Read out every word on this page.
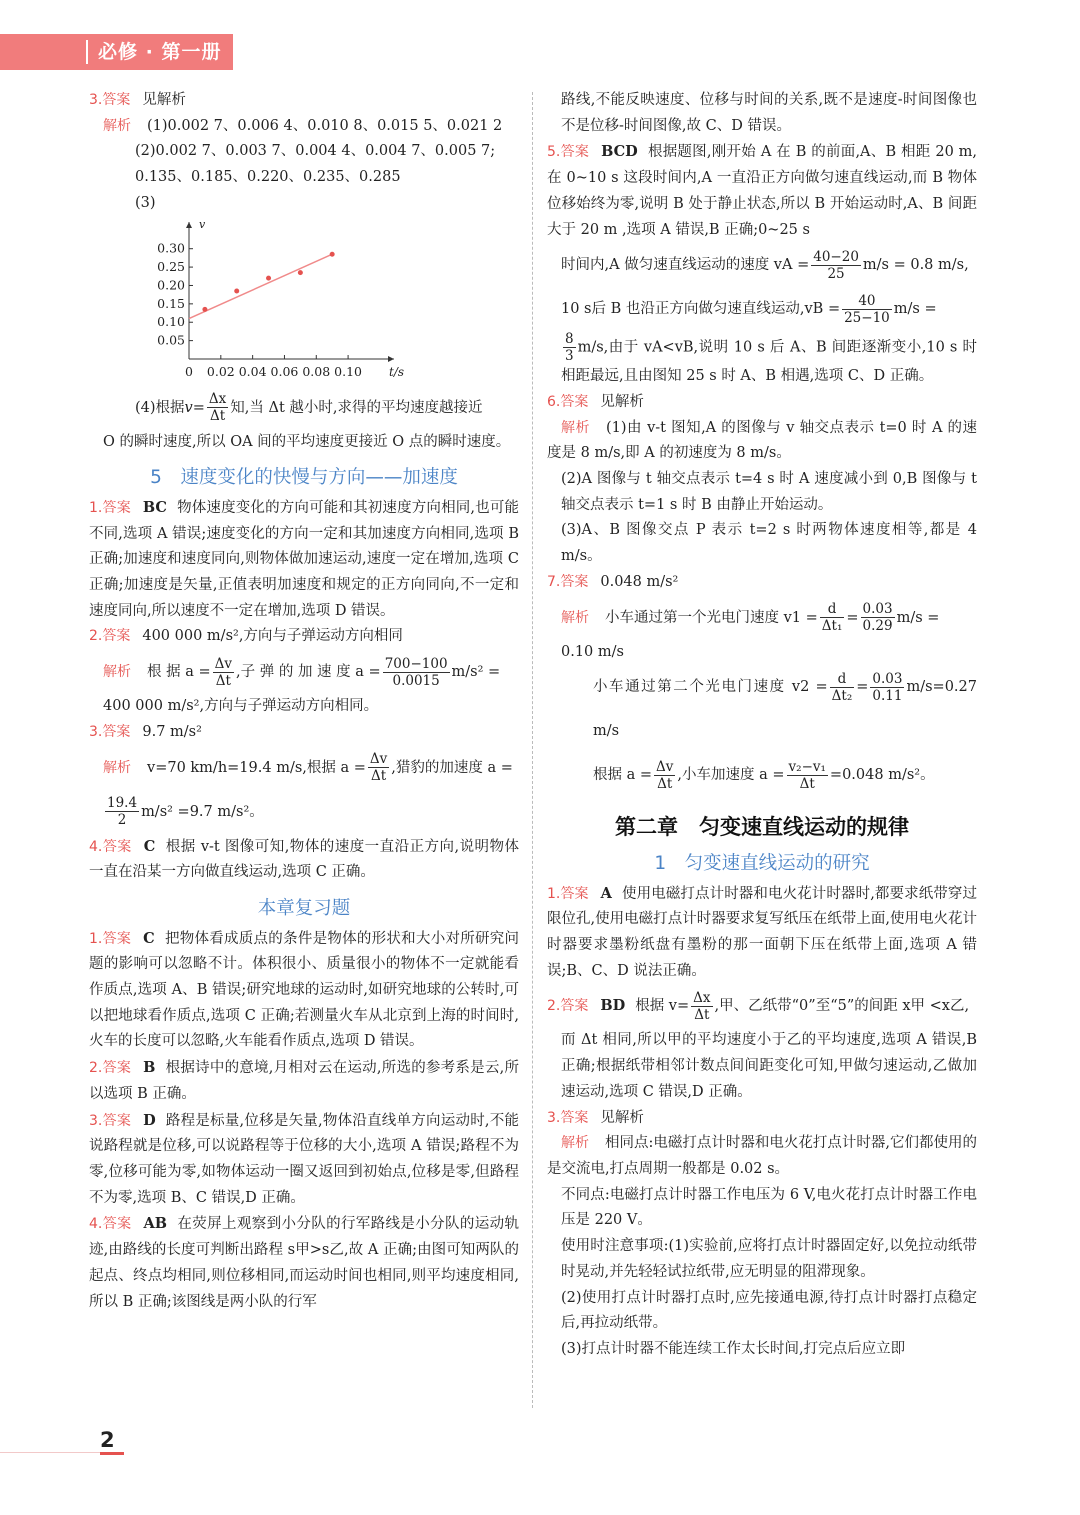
必修 · 第一册

3.答案 见解析

解析 (1)0.002 7、0.006 4、0.010 8、0.015 5、0.021 2

(2)0.002 7、0.003 7、0.004 4、0.004 7、0.005 7;

0.135、0.185、0.220、0.235、0.285

(3)

0.05
0.10
0.15
0.20
0.25
0.30
0 0.02 0.04 0.06 0.08 0.10
v
t/s

(4)根据$v= \frac{\Delta x}{\Delta t}$ 知,当 Δt 越小时,求得的平均速度越接近

O 的瞬时速度,所以 OA 间的平均速度更接近 O 点的瞬时速度。

5　速度变化的快慢与方向——加速度

1.答案 BC 物体速度变化的方向可能和其初速度方向相同,也可能不同,选项 A 错误;速度变化的方向一定和其加速度方向相同,选项 B 正确;加速度和速度同向,则物体做加速运动,速度一定在增加,选项 C 正确;加速度是矢量,正值表明加速度和规定的正方向同向,不一定和速度同向,所以速度不一定在增加,选项 D 错误。

2.答案 400 000 m/s²,方向与子弹运动方向相同

解析 根 据 $a = \frac{\Delta v}{\Delta t}$ ,子 弹 的 加 速 度 $a = \frac{700-100}{0.0015} m/s^2$ =

400 000 m/s²,方向与子弹运动方向相同。

3.答案 9.7 m/s²

解析 v=70 km/h=19.4 m/s,根据 $a = \frac{\Delta v}{\Delta t}$ ,猎豹的加速度 a =

$\frac{19.4}{2} m/s^2 =9.7$ m/s²。

4.答案 C 根据 v-t 图像可知,物体的速度一直沿正方向,说明物体一直在沿某一方向做直线运动,选项 C 正确。

本章复习题

1.答案 C 把物体看成质点的条件是物体的形状和大小对所研究问题的影响可以忽略不计。体积很小、质量很小的物体不一定就能看作质点,选项 A、B 错误;研究地球的运动时,如研究地球的公转时,可以把地球看作质点,选项 C 正确;若测量火车从北京到上海的时间时,火车的长度可以忽略,火车能看作质点,选项 D 错误。

2.答案 B 根据诗中的意境,月相对云在运动,所选的参考系是云,所以选项 B 正确。

3.答案 D 路程是标量,位移是矢量,物体沿直线单方向运动时,不能说路程就是位移,可以说路程等于位移的大小,选项 A 错误;路程不为零,位移可能为零,如物体运动一圈又返回到初始点,位移是零,但路程不为零,选项 B、C 错误,D 正确。

4.答案 AB 在荧屏上观察到小分队的行军路线是小分队的运动轨迹,由路线的长度可判断出路程 s甲>s乙,故 A 正确;由图可知两队的起点、终点均相同,则位移相同,而运动时间也相同,则平均速度相同,所以 B 正确;该图线是两小队的行军

路线,不能反映速度、位移与时间的关系,既不是速度-时间图像也不是位移-时间图像,故 C、D 错误。

5.答案 BCD 根据题图,刚开始 A 在 B 的前面,A、B 相距 20 m,在 0~10 s 这段时间内,A 一直沿正方向做匀速直线运动,而 B 物体位移始终为零,说明 B 处于静止状态,所以 B 开始运动时,A、B 间距大于 20 m ,选项 A 错误,B 正确;0~25 s

时间内,A 做匀速直线运动的速度 vA = $\frac{40-20}{25} m/s = 0.8$ m/s,

10 s后 B 也沿正方向做匀速直线运动$,vB = \frac{40}{25-10} m/s$ =

$\frac{8}{3} m/s$,由于 vA<vB,说明 10 s 后 A、B 间距逐渐变小,10 s 时相距最远,且由图知 25 s 时 A、B 相遇,选项 C、D 正确。

6.答案 见解析

解析 (1)由 v-t 图知,A 的图像与 v 轴交点表示 t=0 时 A 的速度是 8 m/s,即 A 的初速度为 8 m/s。

(2)A 图像与 t 轴交点表示 t=4 s 时 A 速度减小到 0,B 图像与 t 轴交点表示 t=1 s 时 B 由静止开始运动。

(3)A、B 图像交点 P 表示 t=2 s 时两物体速度相等,都是 4 m/s。

7.答案 0.048 m/s²

解析 小车通过第一个光电门速度 $v1 = \frac{d}{\text{Δt₁}} = \frac{0.03}{0.29} m/s$ =

0.10 m/s

小车通过第二个光电门速度 $v2 = \frac{d}{\text{Δt₂}} = \frac{0.03}{0.11} m/s=0.27$ m/s

根据 $a = \frac{\Delta v}{\Delta t}$ ,小车加速度 $a = \frac{\text{v₂−v₁}}{\Delta t} =0.048$ m/s²。

第二章　匀变速直线运动的规律
1　匀变速直线运动的研究

1.答案 A 使用电磁打点计时器和电火花计时器时,都要求纸带穿过限位孔,使用电磁打点计时器要求复写纸压在纸带上面,使用电火花计时器要求墨粉纸盘有墨粉的那一面朝下压在纸带上面,选项 A 错误;B、C、D 说法正确。

2.答案 BD 根据 $v= \frac{\Delta x}{\Delta t}$ ,甲、乙纸带“0”至“5”的间距 x甲 <x乙,

而 Δt 相同,所以甲的平均速度小于乙的平均速度,选项 A 错误,B 正确;根据纸带相邻计数点间间距变化可知,甲做匀速运动,乙做加速运动,选项 C 错误,D 正确。

3.答案 见解析

解析 相同点:电磁打点计时器和电火花打点计时器,它们都使用的是交流电,打点周期一般都是 0.02 s。

不同点:电磁打点计时器工作电压为 6 V,电火花打点计时器工作电压是 220 V。

使用时注意事项:(1)实验前,应将打点计时器固定好,以免拉动纸带时晃动,并先轻轻试拉纸带,应无明显的阻滞现象。

(2)使用打点计时器打点时,应先接通电源,待打点计时器打点稳定后,再拉动纸带。

(3)打点计时器不能连续工作太长时间,打完点后应立即

2
